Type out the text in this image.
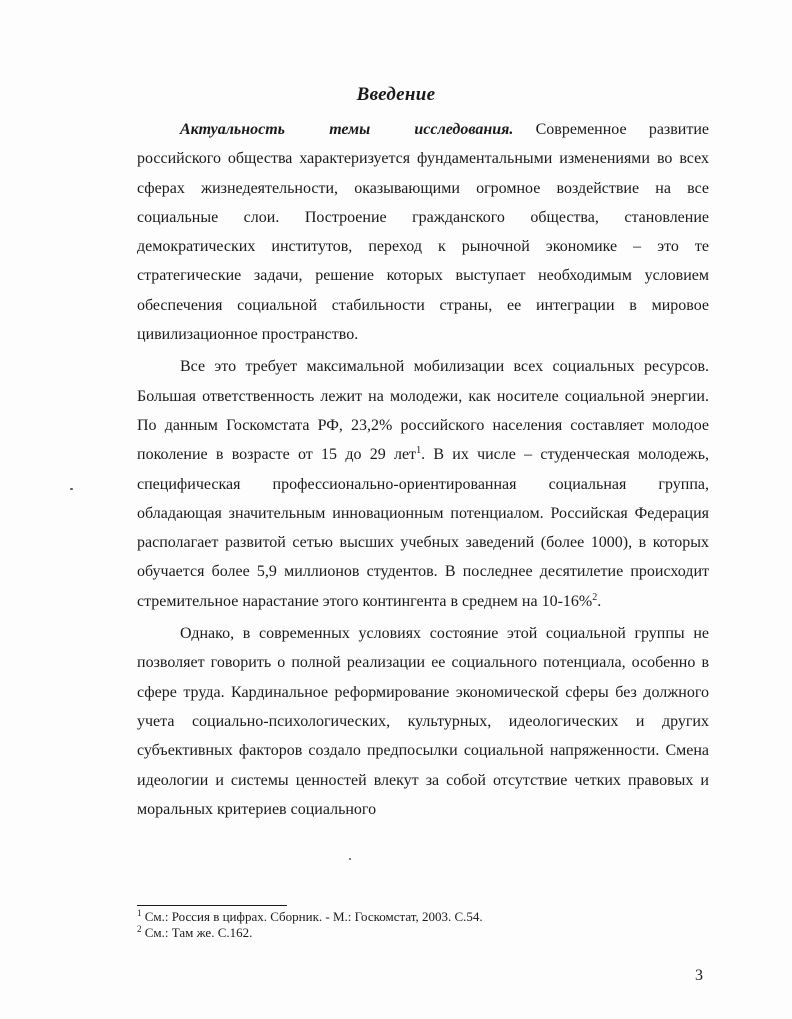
Введение

Актуальность темы исследования. Современное развитие российского общества характеризуется фундаментальными изменениями во всех сферах жизнедеятельности, оказывающими огромное воздействие на все социальные слои. Построение гражданского общества, становление демократических институтов, переход к рыночной экономике – это те стратегические задачи, решение которых выступает необходимым условием обеспечения социальной стабильности страны, ее интеграции в мировое цивилизационное пространство.

Все это требует максимальной мобилизации всех социальных ресурсов. Большая ответственность лежит на молодежи, как носителе социальной энергии. По данным Госкомстата РФ, 23,2% российского населения составляет молодое поколение в возрасте от 15 до 29 лет$^1$. В их числе – студенческая молодежь, специфическая профессионально-ориентированная социальная группа, обладающая значительным инновационным потенциалом. Российская Федерация располагает развитой сетью высших учебных заведений (более 1000), в которых обучается более 5,9 миллионов студентов. В последнее десятилетие происходит стремительное нарастание этого контингента в среднем на 10-16%$^2$.

Однако, в современных условиях состояние этой социальной группы не позволяет говорить о полной реализации ее социального потенциала, особенно в сфере труда. Кардинальное реформирование экономической сферы без должного учета социально-психологических, культурных, идеологических и других субъективных факторов создало предпосылки социальной напряженности. Смена идеологии и системы ценностей влекут за собой отсутствие четких правовых и моральных критериев социального

$^1$ См.: Россия в цифрах. Сборник. - М.: Госкомстат, 2003. С.54.
$^2$ См.: Там же. С.162.
3
